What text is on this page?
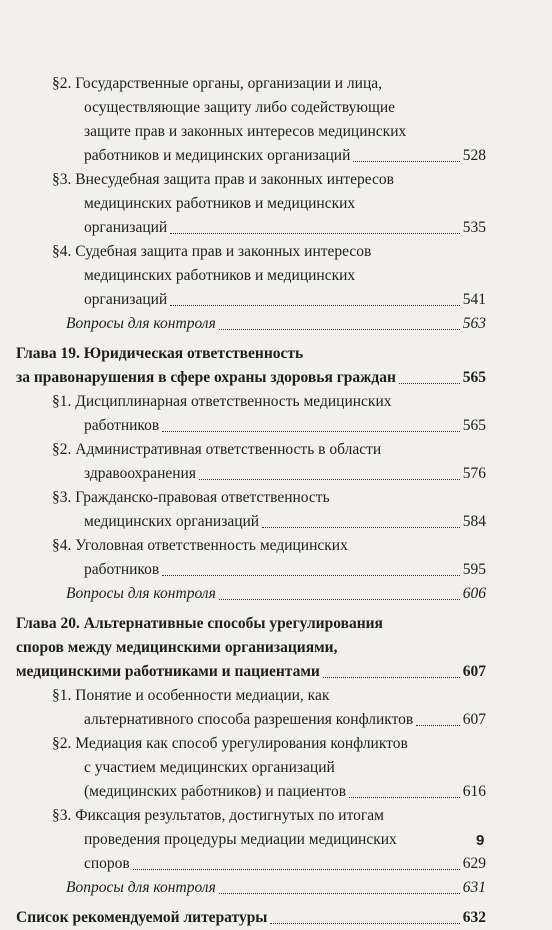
§2. Государственные органы, организации и лица,
осуществляющие защиту либо содействующие
защите прав и законных интересов медицинских
работников и медицинских организаций	528
§3. Внесудебная защита прав и законных интересов
медицинских работников и медицинских
организаций	535
§4. Судебная защита прав и законных интересов
медицинских работников и медицинских
организаций	541
Вопросы для контроля	563
Глава 19. Юридическая ответственность
за правонарушения в сфере охраны здоровья граждан	565
§1. Дисциплинарная ответственность медицинских
работников	565
§2. Административная ответственность в области
здравоохранения	576
§3. Гражданско-правовая ответственность
медицинских организаций	584
§4. Уголовная ответственность медицинских
работников	595
Вопросы для контроля	606
Глава 20. Альтернативные способы урегулирования
споров между медицинскими организациями,
медицинскими работниками и пациентами	607
§1. Понятие и особенности медиации, как
альтернативного способа разрешения конфликтов	607
§2. Медиация как способ урегулирования конфликтов
с участием медицинских организаций
(медицинских работников) и пациентов	616
§3. Фиксация результатов, достигнутых по итогам
проведения процедуры медиации медицинских
споров	629
Вопросы для контроля	631
Список рекомендуемой литературы	632
9
